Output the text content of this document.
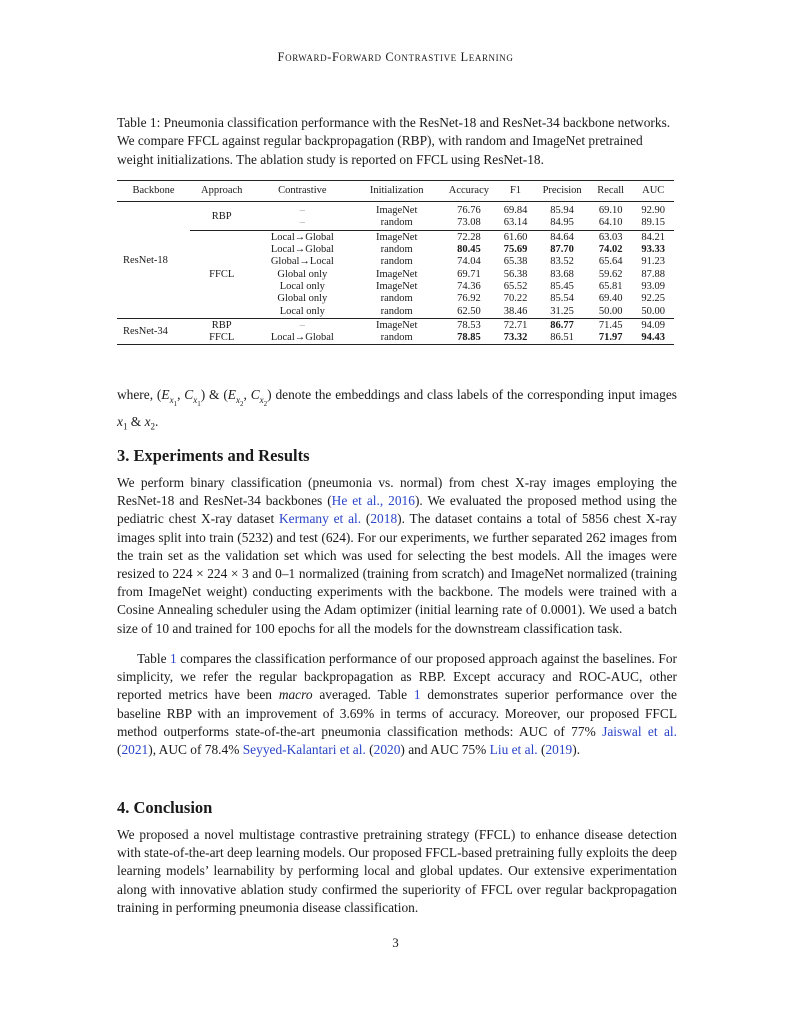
Forward-Forward Contrastive Learning

Table 1: Pneumonia classification performance with the ResNet-18 and ResNet-34 backbone networks. We compare FFCL against regular backpropagation (RBP), with random and ImageNet pretrained weight initializations. The ablation study is reported on FFCL using ResNet-18.

Backbone	Approach	Contrastive	Initialization	Accuracy	F1	Precision	Recall	AUC
ResNet-18	RBP	–	ImageNet	76.76	69.84	85.94	69.10	92.90
		–	random	73.08	63.14	84.95	64.10	89.15

	FFCL	Local→Global	ImageNet	72.28	61.60	84.64	63.03	84.21
		Local→Global	random	80.45	75.69	87.70	74.02	93.33
		Global→Local	random	74.04	65.38	83.52	65.64	91.23
		Global only	ImageNet	69.71	56.38	83.68	59.62	87.88
		Local only	ImageNet	74.36	65.52	85.45	65.81	93.09
		Global only	random	76.92	70.22	85.54	69.40	92.25
		Local only	random	62.50	38.46	31.25	50.00	50.00

ResNet-34	RBP	–	ImageNet	78.53	72.71	86.77	71.45	94.09
	FFCL	Local→Global	random	78.85	73.32	86.51	71.97	94.43

where, ($E_{x_1}$, $C_{x_1}$) & ($E_{x_2}$, $C_{x_2}$) denote the embeddings and class labels of the corresponding input images $x_1$ & $x_2$.

3. Experiments and Results

We perform binary classification (pneumonia vs. normal) from chest X-ray images employing the ResNet-18 and ResNet-34 backbones (He et al., 2016). We evaluated the proposed method using the pediatric chest X-ray dataset Kermany et al. (2018). The dataset contains a total of 5856 chest X-ray images split into train (5232) and test (624). For our experiments, we further separated 262 images from the train set as the validation set which was used for selecting the best models. All the images were resized to 224 × 224 × 3 and 0–1 normalized (training from scratch) and ImageNet normalized (training from ImageNet weight) conducting experiments with the backbone. The models were trained with a Cosine Annealing scheduler using the Adam optimizer (initial learning rate of 0.0001). We used a batch size of 10 and trained for 100 epochs for all the models for the downstream classification task.

Table 1 compares the classification performance of our proposed approach against the baselines. For simplicity, we refer the regular backpropagation as RBP. Except accuracy and ROC-AUC, other reported metrics have been macro averaged. Table 1 demonstrates superior performance over the baseline RBP with an improvement of 3.69% in terms of accuracy. Moreover, our proposed FFCL method outperforms state-of-the-art pneumonia classification methods: AUC of 77% Jaiswal et al. (2021), AUC of 78.4% Seyyed-Kalantari et al. (2020) and AUC 75% Liu et al. (2019).

4. Conclusion

We proposed a novel multistage contrastive pretraining strategy (FFCL) to enhance disease detection with state-of-the-art deep learning models. Our proposed FFCL-based pretraining fully exploits the deep learning models’ learnability by performing local and global updates. Our extensive experimentation along with innovative ablation study confirmed the superiority of FFCL over regular backpropagation training in performing pneumonia disease classification.

3
